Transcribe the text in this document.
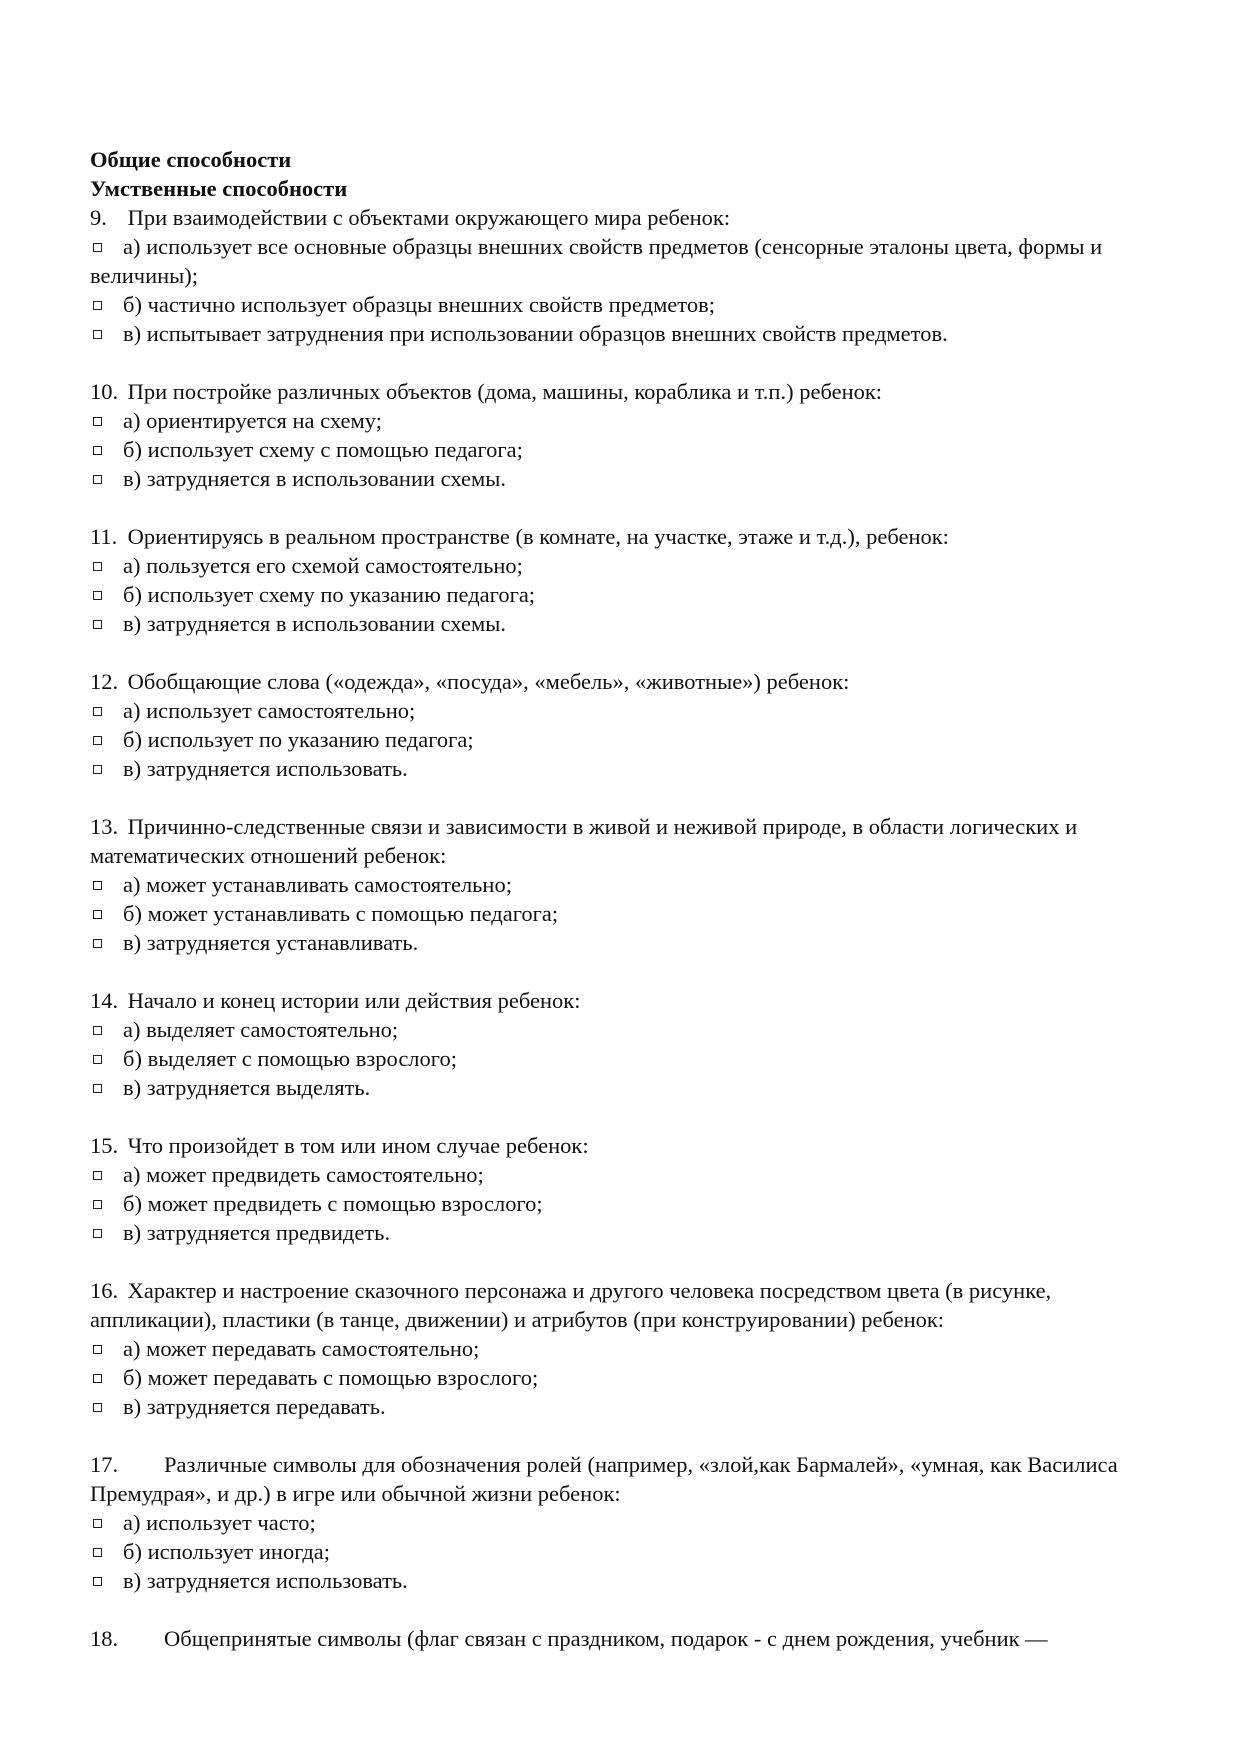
Общие способности

Умственные способности

9. При взаимодействии с объектами окружающего мира ребенок:

а) использует все основные образцы внешних свойств предметов (сенсорные эталоны цвета, формы и величины);

б) частично использует образцы внешних свойств предметов;

в) испытывает затруднения при использовании образцов внешних свойств предметов.

10. При постройке различных объектов (дома, машины, кораблика и т.п.) ребенок:

а) ориентируется на схему;

б) использует схему с помощью педагога;

в) затрудняется в использовании схемы.

11. Ориентируясь в реальном пространстве (в комнате, на участке, этаже и т.д.), ребенок:

а) пользуется его схемой самостоятельно;

б) использует схему по указанию педагога;

в) затрудняется в использовании схемы.

12. Обобщающие слова («одежда», «посуда», «мебель», «животные») ребенок:

а) использует самостоятельно;

б) использует по указанию педагога;

в) затрудняется использовать.

13. Причинно-следственные связи и зависимости в живой и неживой природе, в области логических и математических отношений ребенок:

а) может устанавливать самостоятельно;

б) может устанавливать с помощью педагога;

в) затрудняется устанавливать.

14. Начало и конец истории или действия ребенок:

а) выделяет самостоятельно;

б) выделяет с помощью взрослого;

в) затрудняется выделять.

15. Что произойдет в том или ином случае ребенок:

а) может предвидеть самостоятельно;

б) может предвидеть с помощью взрослого;

в) затрудняется предвидеть.

16. Характер и настроение сказочного персонажа и другого человека посредством цвета (в рисунке, аппликации), пластики (в танце, движении) и атрибутов (при конструировании) ребенок:

а) может передавать самостоятельно;

б) может передавать с помощью взрослого;

в) затрудняется передавать.

17. Различные символы для обозначения ролей (например, «злой,как Бармалей», «умная, как Василиса Премудрая», и др.) в игре или обычной жизни ребенок:

а) использует часто;

б) использует иногда;

в) затрудняется использовать.

18. Общепринятые символы (флаг связан с праздником, подарок - с днем рождения, учебник —
